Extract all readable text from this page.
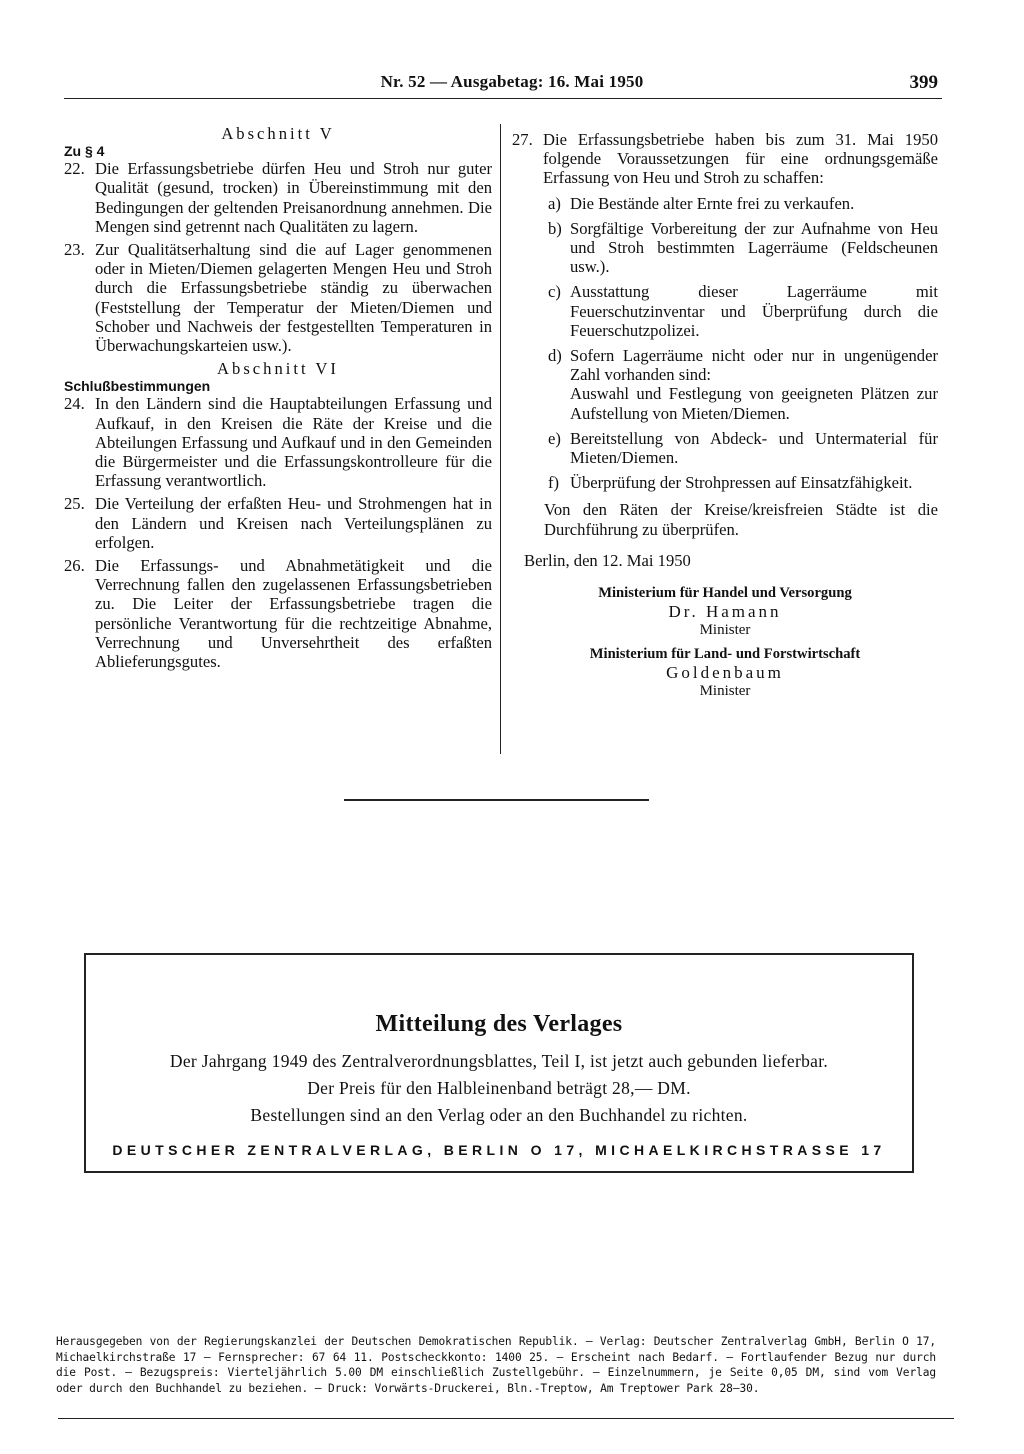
Nr. 52 — Ausgabetag: 16. Mai 1950	399
Abschnitt V
Zu § 4
22. Die Erfassungsbetriebe dürfen Heu und Stroh nur guter Qualität (gesund, trocken) in Übereinstimmung mit den Bedingungen der geltenden Preisanordnung annehmen. Die Mengen sind getrennt nach Qualitäten zu lagern.
23. Zur Qualitätserhaltung sind die auf Lager genommenen oder in Mieten/Diemen gelagerten Mengen Heu und Stroh durch die Erfassungsbetriebe ständig zu überwachen (Feststellung der Temperatur der Mieten/Diemen und Schober und Nachweis der festgestellten Temperaturen in Überwachungskarteien usw.).
Abschnitt VI
Schlußbestimmungen
24. In den Ländern sind die Hauptabteilungen Erfassung und Aufkauf, in den Kreisen die Räte der Kreise und die Abteilungen Erfassung und Aufkauf und in den Gemeinden die Bürgermeister und die Erfassungskontrolleure für die Erfassung verantwortlich.
25. Die Verteilung der erfaßten Heu- und Strohmengen hat in den Ländern und Kreisen nach Verteilungsplänen zu erfolgen.
26. Die Erfassungs- und Abnahmetätigkeit und die Verrechnung fallen den zugelassenen Erfassungsbetrieben zu. Die Leiter der Erfassungsbetriebe tragen die persönliche Verantwortung für die rechtzeitige Abnahme, Verrechnung und Unversehrtheit des erfaßten Ablieferungsgutes.
27. Die Erfassungsbetriebe haben bis zum 31. Mai 1950 folgende Voraussetzungen für eine ordnungsgemäße Erfassung von Heu und Stroh zu schaffen:
a) Die Bestände alter Ernte frei zu verkaufen.
b) Sorgfältige Vorbereitung der zur Aufnahme von Heu und Stroh bestimmten Lagerräume (Feldscheunen usw.).
c) Ausstattung dieser Lagerräume mit Feuerschutzinventar und Überprüfung durch die Feuerschutzpolizei.
d) Sofern Lagerräume nicht oder nur in ungenügender Zahl vorhanden sind:
Auswahl und Festlegung von geeigneten Plätzen zur Aufstellung von Mieten/Diemen.
e) Bereitstellung von Abdeck- und Untermaterial für Mieten/Diemen.
f) Überprüfung der Strohpressen auf Einsatzfähigkeit.
Von den Räten der Kreise/kreisfreien Städte ist die Durchführung zu überprüfen.
Berlin, den 12. Mai 1950
Ministerium für Handel und Versorgung
Dr. Hamann
Minister
Ministerium für Land- und Forstwirtschaft
Goldenbaum
Minister
Mitteilung des Verlages
Der Jahrgang 1949 des Zentralverordnungsblattes, Teil I, ist jetzt auch gebunden lieferbar.
Der Preis für den Halbleinenband beträgt 28,— DM.
Bestellungen sind an den Verlag oder an den Buchhandel zu richten.
DEUTSCHER ZENTRALVERLAG, BERLIN O 17, MICHAELKIRCHSTRASSE 17
Herausgegeben von der Regierungskanzlei der Deutschen Demokratischen Republik. — Verlag: Deutscher Zentralverlag GmbH, Berlin O 17, Michaelkirchstraße 17 — Fernsprecher: 67 64 11. Postscheckkonto: 1400 25. — Erscheint nach Bedarf. — Fortlaufender Bezug nur durch die Post. — Bezugspreis: Vierteljährlich 5.00 DM einschließlich Zustellgebühr. — Einzelnummern, je Seite 0,05 DM, sind vom Verlag oder durch den Buchhandel zu beziehen. — Druck: Vorwärts-Druckerei, Bln.-Treptow, Am Treptower Park 28—30.
